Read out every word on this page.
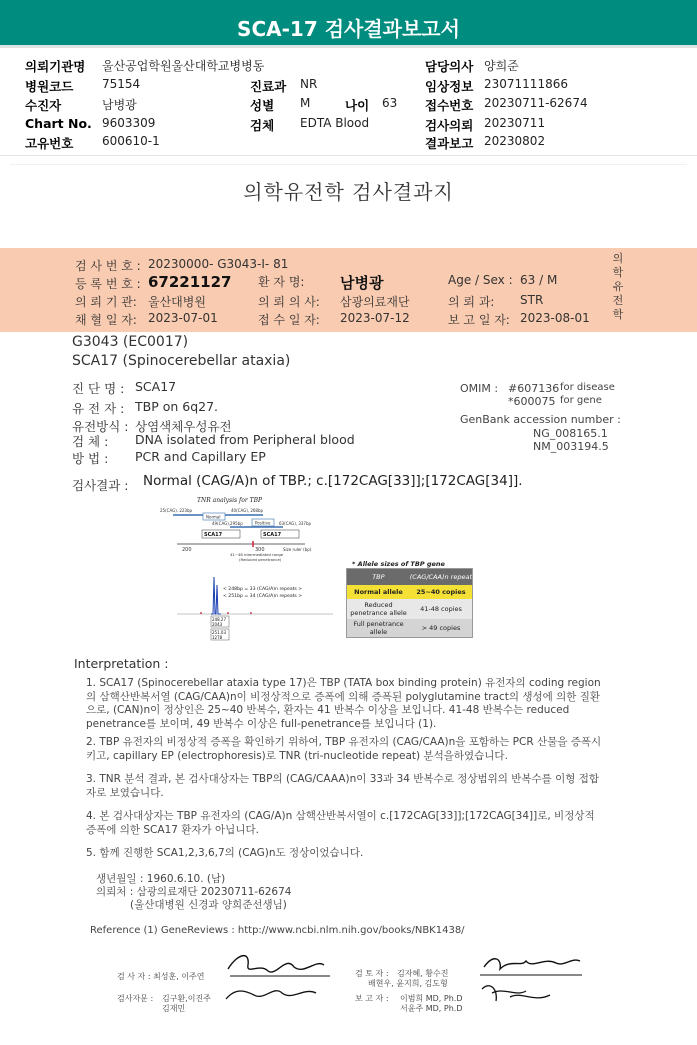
SCA-17 검사결과보고서
의뢰기관명 울산공업학원울산대학교병병동
병원코드 75154
수진자	남병광
Chart No. 9603309
고유번호 600610-1
진료과 NR
성별 M
검체 EDTA Blood
나이 63
담당의사 양희준
임상정보 23071111866
접수번호 20230711-62674
검사의뢰 20230711
결과보고 20230802
의학유전학 검사결과지
검 사 번 호 : 20230000- G3043-I- 81
등 록 번 호 : 67221127 환 자 명: 남병광	Age / Sex : 63 / M
의 뢰 기 관: 울산대병원	의 뢰 의 사: 삼광의료재단	의 뢰 과: STR
채 혈 일 자: 2023-07-01	접 수 일 자: 2023-07-12	보 고 일 자: 2023-08-01
의학유전학
G3043 (EC0017)
SCA17 (Spinocerebellar ataxia)
진 단 명 : SCA17
유 전 자 : TBP on 6q27.
유전방식 : 상염색체우성유전
검 체 : DNA isolated from Peripheral blood
방 법 : PCR and Capillary EP
OMIM : #607136 for disease
*600075 for gene
GenBank accession number :
NG_008165.1
NM_003194.5
검사결과 : Normal (CAG/A)n of TBP.; c.[172CAG[33]];[172CAG[34]].
TNR analysis for TBP
25(CAG), 223bp	40(CAG), 268bp
Normal
Positive
49(CAG),295bp	63(CAG), 337bp
SCA17	SCA17
200	300	Size ruler (bp)
41~48 intermediated range
(Reduced penetrance)
< 248bp = 33 (CAG/A)n repeats >
< 251bp = 34 (CAG/A)n repeats >
248.27
2043
251.03
1278
* Allele sizes of TBP gene
TBP	(CAG/CAA)n repeat
Normal allele	25~40 copies
Reduced penetrance allele	41-48 copies
Full penetrance allele	> 49 copies
Interpretation :
1. SCA17 (Spinocerebellar ataxia type 17)은 TBP (TATA box binding protein) 유전자의 coding region 의 삼핵산반복서열 (CAG/CAA)n이 비정상적으로 증폭에 의해 증폭된 polyglutamine tract의 생성에 의한 질환으로, (CAN)n이 정상인은 25~40 반복수, 환자는 41 반복수 이상을 보입니다. 41-48 반복수는 reduced penetrance를 보이며, 49 반복수 이상은 full-penetrance를 보입니다 (1).
2. TBP 유전자의 비정상적 증폭을 확인하기 위하여, TBP 유전자의 (CAG/CAA)n을 포함하는 PCR 산물을 증폭시키고, capillary EP (electrophoresis)로 TNR (tri-nucleotide repeat) 분석을하였습니다.
3. TNR 분석 결과, 본 검사대상자는 TBP의 (CAG/CAAA)n이 33과 34 반복수로 정상범위의 반복수를 이형 접합자로 보였습니다.
4. 본 검사대상자는 TBP 유전자의 (CAG/A)n 삼핵산반복서열이 c.[172CAG[33]];[172CAG[34]]로, 비정상적 증폭에 의한 SCA17 환자가 아닙니다.
5. 함께 진행한 SCA1,2,3,6,7의 (CAG)n도 정상이었습니다.
생년월일 : 1960.6.10. (남)
의뢰처 : 삼광의료재단 20230711-62674
(울산대병원 신경과 양희준선생님)
Reference (1) GeneReviews : http://www.ncbi.nlm.nih.gov/books/NBK1438/
검 사 자 : 최성훈, 이주연
검사자문 : 김구환,이진주
김재민
검 토 자 : 김자혜, 황수진
배현우, 윤지희, 김도형
보 고 자 : 이범희 MD, Ph.D
서윤주 MD, Ph.D
